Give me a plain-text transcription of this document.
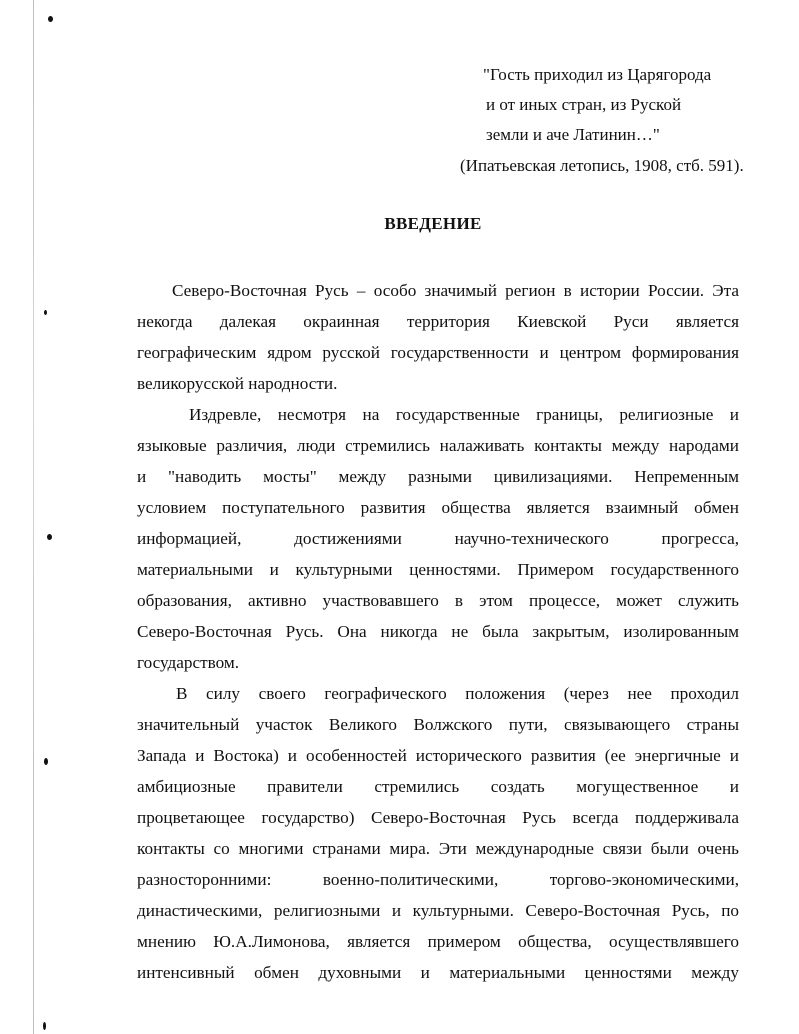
"Гость приходил из Царягорода
и от иных стран, из Руской
земли и аче Латинин…"
(Ипатьевская летопись, 1908, стб. 591).
ВВЕДЕНИЕ
Северо-Восточная Русь – особо значимый регион в истории России. Эта
некогда далекая окраинная территория Киевской Руси является
географическим ядром русской государственности и центром формирования
великорусской народности.
Издревле, несмотря на государственные границы, религиозные и
языковые различия, люди стремились налаживать контакты между народами
и "наводить мосты" между разными цивилизациями. Непременным
условием поступательного развития общества является взаимный обмен
информацией, достижениями научно-технического прогресса,
материальными и культурными ценностями. Примером государственного
образования, активно участвовавшего в этом процессе, может служить
Северо-Восточная Русь. Она никогда не была закрытым, изолированным
государством.
В силу своего географического положения (через нее проходил
значительный участок Великого Волжского пути, связывающего страны
Запада и Востока) и особенностей исторического развития (ее энергичные и
амбициозные правители стремились создать могущественное и
процветающее государство) Северо-Восточная Русь всегда поддерживала
контакты со многими странами мира. Эти международные связи были очень
разносторонними: военно-политическими, торгово-экономическими,
династическими, религиозными и культурными. Северо-Восточная Русь, по
мнению Ю.А.Лимонова, является примером общества, осуществлявшего
интенсивный обмен духовными и материальными ценностями между
